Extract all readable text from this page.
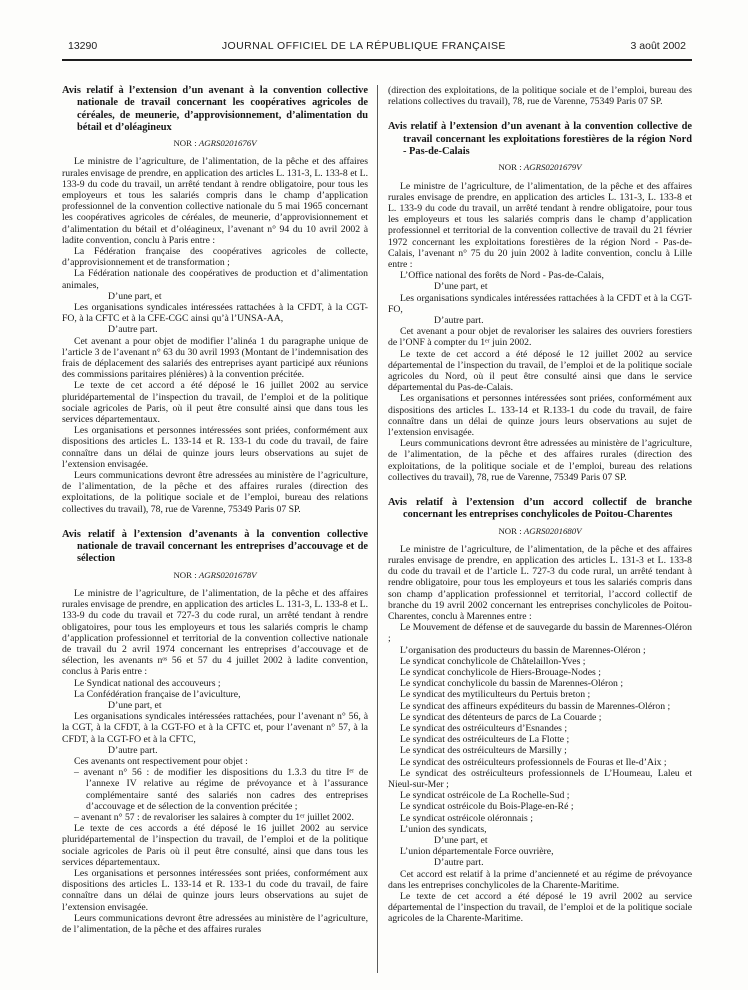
13290	JOURNAL OFFICIEL DE LA RÉPUBLIQUE FRANÇAISE	3 août 2002
Avis relatif à l’extension d’un avenant à la convention collective nationale de travail concernant les coopératives agricoles de céréales, de meunerie, d’approvisionnement, d’alimentation du bétail et d’oléagineux
NOR : AGRS0201676V
Le ministre de l’agriculture, de l’alimentation, de la pêche et des affaires rurales envisage de prendre, en application des articles L. 131-3, L. 133-8 et L. 133-9 du code du travail, un arrêté tendant à rendre obligatoire, pour tous les employeurs et tous les salariés compris dans le champ d’application professionnel de la convention collective nationale du 5 mai 1965 concernant les coopératives agricoles de céréales, de meunerie, d’approvisionnement et d’alimentation du bétail et d’oléagineux, l’avenant n° 94 du 10 avril 2002 à ladite convention, conclu à Paris entre :
La Fédération française des coopératives agricoles de collecte, d’approvisionnement et de transformation ;
La Fédération nationale des coopératives de production et d’alimentation animales,
D’une part, et
Les organisations syndicales intéressées rattachées à la CFDT, à la CGT-FO, à la CFTC et à la CFE-CGC ainsi qu’à l’UNSA-AA,
D’autre part.
Cet avenant a pour objet de modifier l’alinéa 1 du paragraphe unique de l’article 3 de l’avenant n° 63 du 30 avril 1993 (Montant de l’indemnisation des frais de déplacement des salariés des entreprises ayant participé aux réunions des commissions paritaires plénières) à la convention précitée.
Le texte de cet accord a été déposé le 16 juillet 2002 au service pluridépartemental de l’inspection du travail, de l’emploi et de la politique sociale agricoles de Paris, où il peut être consulté ainsi que dans tous les services départementaux.
Les organisations et personnes intéressées sont priées, conformément aux dispositions des articles L. 133-14 et R. 133-1 du code du travail, de faire connaître dans un délai de quinze jours leurs observations au sujet de l’extension envisagée.
Leurs communications devront être adressées au ministère de l’agriculture, de l’alimentation, de la pêche et des affaires rurales (direction des exploitations, de la politique sociale et de l’emploi, bureau des relations collectives du travail), 78, rue de Varenne, 75349 Paris 07 SP.
Avis relatif à l’extension d’avenants à la convention collective nationale de travail concernant les entreprises d’accouvage et de sélection
NOR : AGRS0201678V
Le ministre de l’agriculture, de l’alimentation, de la pêche et des affaires rurales envisage de prendre, en application des articles L. 131-3, L. 133-8 et L. 133-9 du code du travail et 727-3 du code rural, un arrêté tendant à rendre obligatoires, pour tous les employeurs et tous les salariés compris le champ d’application professionnel et territorial de la convention collective nationale de travail du 2 avril 1974 concernant les entreprises d’accouvage et de sélection, les avenants nᵒˢ 56 et 57 du 4 juillet 2002 à ladite convention, conclus à Paris entre :
Le Syndicat national des accouveurs ;
La Confédération française de l’aviculture,
D’une part, et
Les organisations syndicales intéressées rattachées, pour l’avenant n° 56, à la CGT, à la CFDT, à la CGT-FO et à la CFTC et, pour l’avenant n° 57, à la CFDT, à la CGT-FO et à la CFTC,
D’autre part.
Ces avenants ont respectivement pour objet :
– avenant n° 56 : de modifier les dispositions du 1.3.3 du titre Iᵉʳ de l’annexe IV relative au régime de prévoyance et à l’assurance complémentaire santé des salariés non cadres des entreprises d’accouvage et de sélection de la convention précitée ;
– avenant n° 57 : de revaloriser les salaires à compter du 1ᵉʳ juillet 2002.
Le texte de ces accords a été déposé le 16 juillet 2002 au service pluridépartemental de l’inspection du travail, de l’emploi et de la politique sociale agricoles de Paris où il peut être consulté, ainsi que dans tous les services départementaux.
Les organisations et personnes intéressées sont priées, conformément aux dispositions des articles L. 133-14 et R. 133-1 du code du travail, de faire connaître dans un délai de quinze jours leurs observations au sujet de l’extension envisagée.
Leurs communications devront être adressées au ministère de l’agriculture, de l’alimentation, de la pêche et des affaires rurales
(direction des exploitations, de la politique sociale et de l’emploi, bureau des relations collectives du travail), 78, rue de Varenne, 75349 Paris 07 SP.
Avis relatif à l’extension d’un avenant à la convention collective de travail concernant les exploitations forestières de la région Nord - Pas-de-Calais
NOR : AGRS0201679V
Le ministre de l’agriculture, de l’alimentation, de la pêche et des affaires rurales envisage de prendre, en application des articles L. 131-3, L. 133-8 et L. 133-9 du code du travail, un arrêté tendant à rendre obligatoire, pour tous les employeurs et tous les salariés compris dans le champ d’application professionnel et territorial de la convention collective de travail du 21 février 1972 concernant les exploitations forestières de la région Nord - Pas-de-Calais, l’avenant n° 75 du 20 juin 2002 à ladite convention, conclu à Lille entre :
L’Office national des forêts de Nord - Pas-de-Calais,
D’une part, et
Les organisations syndicales intéressées rattachées à la CFDT et à la CGT-FO,
D’autre part.
Cet avenant a pour objet de revaloriser les salaires des ouvriers forestiers de l’ONF à compter du 1ᵉʳ juin 2002.
Le texte de cet accord a été déposé le 12 juillet 2002 au service départemental de l’inspection du travail, de l’emploi et de la politique sociale agricoles du Nord, où il peut être consulté ainsi que dans le service départemental du Pas-de-Calais.
Les organisations et personnes intéressées sont priées, conformément aux dispositions des articles L. 133-14 et R.133-1 du code du travail, de faire connaître dans un délai de quinze jours leurs observations au sujet de l’extension envisagée.
Leurs communications devront être adressées au ministère de l’agriculture, de l’alimentation, de la pêche et des affaires rurales (direction des exploitations, de la politique sociale et de l’emploi, bureau des relations collectives du travail), 78, rue de Varenne, 75349 Paris 07 SP.
Avis relatif à l’extension d’un accord collectif de branche concernant les entreprises conchylicoles de Poitou-Charentes
NOR : AGRS0201680V
Le ministre de l’agriculture, de l’alimentation, de la pêche et des affaires rurales envisage de prendre, en application des articles L. 131-3 et L. 133-8 du code du travail et de l’article L. 727-3 du code rural, un arrêté tendant à rendre obligatoire, pour tous les employeurs et tous les salariés compris dans son champ d’application professionnel et territorial, l’accord collectif de branche du 19 avril 2002 concernant les entreprises conchylicoles de Poitou-Charentes, conclu à Marennes entre :
Le Mouvement de défense et de sauvegarde du bassin de Marennes-Oléron ;
L’organisation des producteurs du bassin de Marennes-Oléron ;
Le syndicat conchylicole de Châtelaillon-Yves ;
Le syndicat conchylicole de Hiers-Brouage-Nodes ;
Le syndicat conchylicole du bassin de Marennes-Oléron ;
Le syndicat des mytiliculteurs du Pertuis breton ;
Le syndicat des affineurs expéditeurs du bassin de Marennes-Oléron ;
Le syndicat des détenteurs de parcs de La Couarde ;
Le syndicat des ostréiculteurs d’Esnandes ;
Le syndicat des ostréiculteurs de La Flotte ;
Le syndicat des ostréiculteurs de Marsilly ;
Le syndicat des ostréiculteurs professionnels de Fouras et Ile-d’Aix ;
Le syndicat des ostréiculteurs professionnels de L’Houmeau, Laleu et Nieul-sur-Mer ;
Le syndicat ostréicole de La Rochelle-Sud ;
Le syndicat ostréicole du Bois-Plage-en-Ré ;
Le syndicat ostréicole oléronnais ;
L’union des syndicats,
D’une part, et
L’union départementale Force ouvrière,
D’autre part.
Cet accord est relatif à la prime d’ancienneté et au régime de prévoyance dans les entreprises conchylicoles de la Charente-Maritime.
Le texte de cet accord a été déposé le 19 avril 2002 au service départemental de l’inspection du travail, de l’emploi et de la politique sociale agricoles de la Charente-Maritime.
